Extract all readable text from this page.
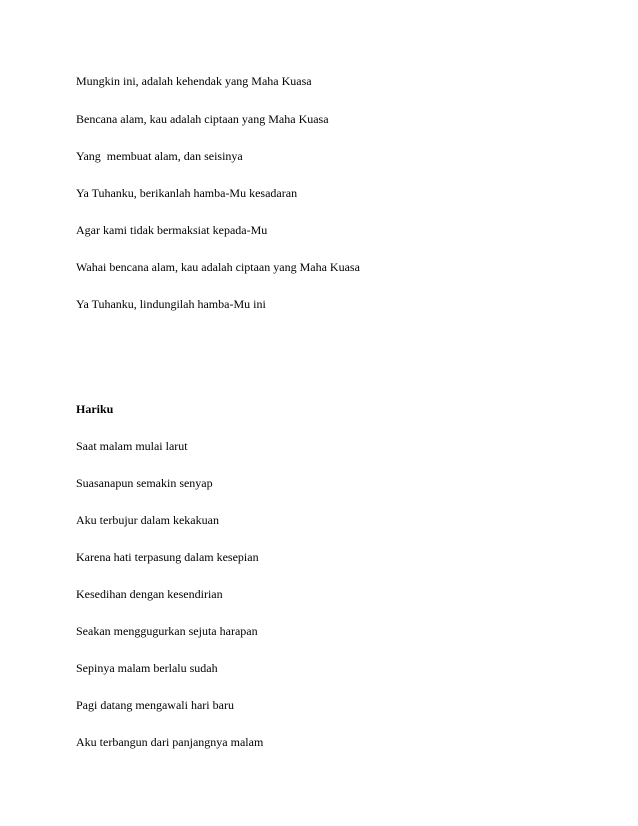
Mungkin ini, adalah kehendak yang Maha Kuasa
Bencana alam, kau adalah ciptaan yang Maha Kuasa
Yang  membuat alam, dan seisinya
Ya Tuhanku, berikanlah hamba-Mu kesadaran
Agar kami tidak bermaksiat kepada-Mu
Wahai bencana alam, kau adalah ciptaan yang Maha Kuasa
Ya Tuhanku, lindungilah hamba-Mu ini
Hariku
Saat malam mulai larut
Suasanapun semakin senyap
Aku terbujur dalam kekakuan
Karena hati terpasung dalam kesepian
Kesedihan dengan kesendirian
Seakan menggugurkan sejuta harapan
Sepinya malam berlalu sudah
Pagi datang mengawali hari baru
Aku terbangun dari panjangnya malam
